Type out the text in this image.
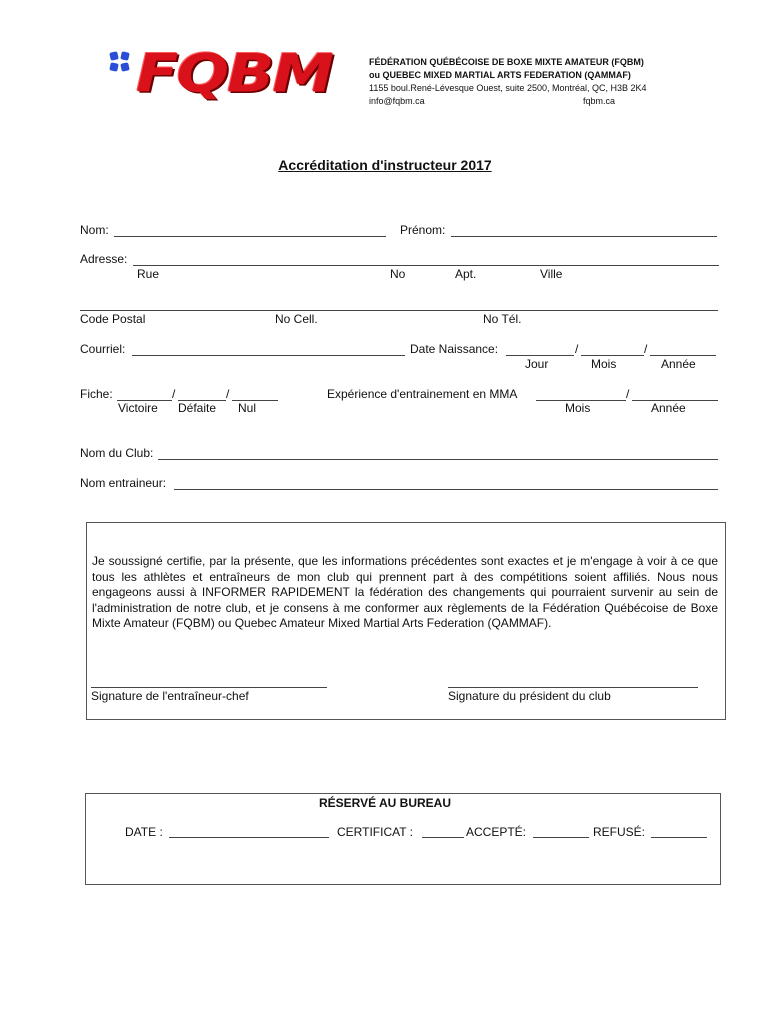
FQBM	FÉDÉRATION QUÉBÉCOISE DE BOXE MIXTE AMATEUR (FQBM)
ou QUEBEC MIXED MARTIAL ARTS FEDERATION (QAMMAF)
1155 boul.René-Lévesque Ouest, suite 2500, Montréal, QC, H3B 2K4
info@fqbm.ca	fqbm.ca
Accréditation d'instructeur 2017
Nom:	Prénom:
Adresse:
Rue	No	Apt.	Ville
Code Postal	No Cell.	No Tél.
Courriel:	Date Naissance:	/	/
Jour	Mois	Année
Fiche:	/	/
Victoire Défaite Nul
Expérience d'entrainement en MMA	/
Mois	Année
Nom du Club:
Nom entraineur:
Je soussigné certifie, par la présente, que les informations précédentes sont exactes et je m'engage à voir à ce que tous les athlètes et entraîneurs de mon club qui prennent part à des compétitions soient affiliés. Nous nous engageons aussi à INFORMER RAPIDEMENT la fédération des changements qui pourraient survenir au sein de l'administration de notre club, et je consens à me conformer aux règlements de la Fédération Québécoise de Boxe Mixte Amateur (FQBM) ou Quebec Amateur Mixed Martial Arts Federation (QAMMAF).
Signature de l'entraîneur-chef	Signature du président du club
RÉSERVÉ AU BUREAU
DATE :	CERTIFICAT :	ACCEPTÉ:	REFUSÉ:
